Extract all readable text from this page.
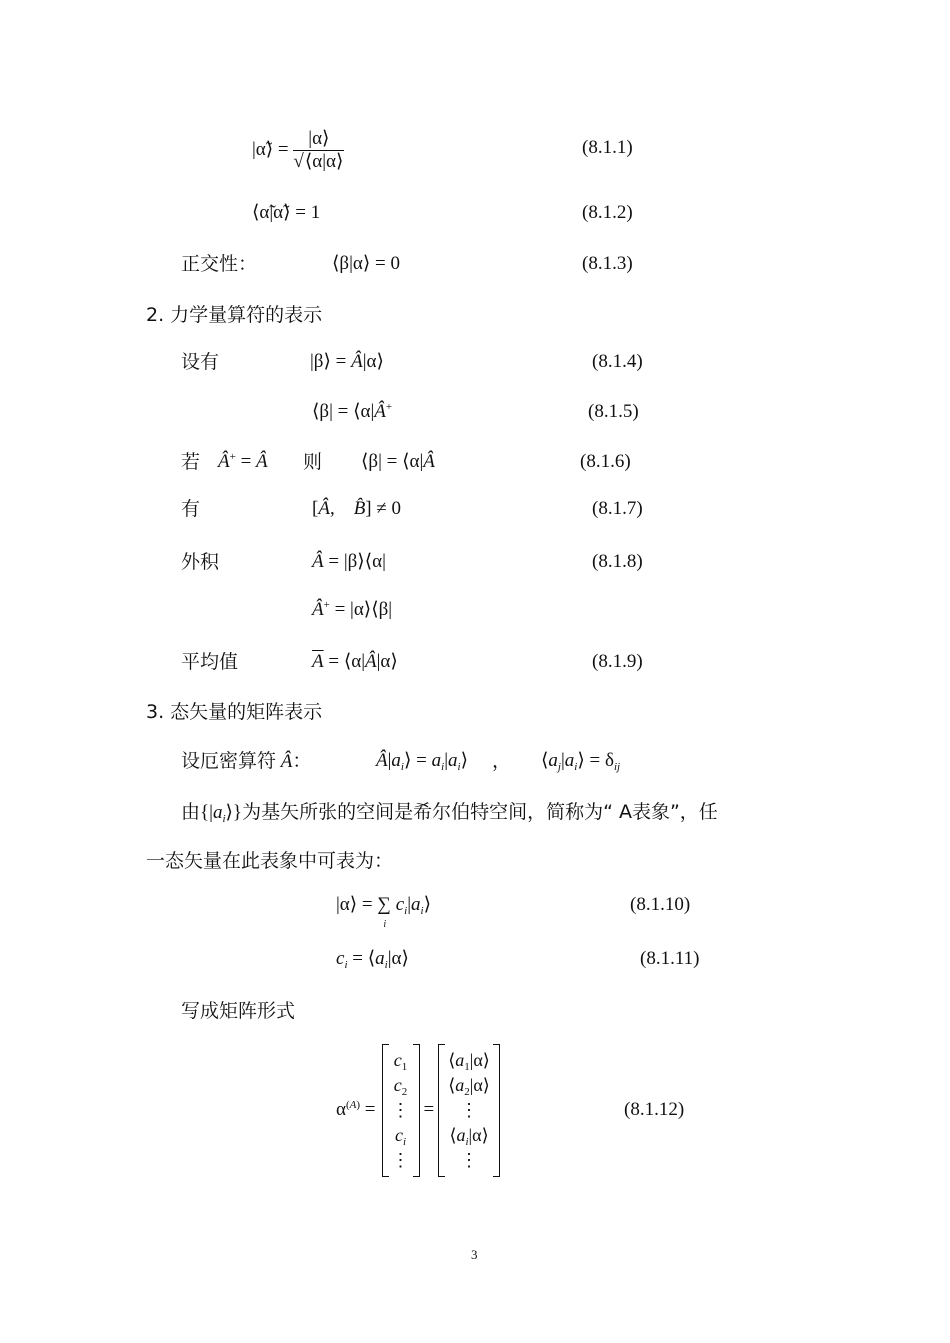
|α̃⟩ = $\frac{|\alpha⟩}{√⟨\alpha|\alpha⟩}$	(8.1.1)
⟨α̃|α̃⟩ = 1	(8.1.2)
正交性：	⟨β|α⟩ = 0	(8.1.3)
2. 力学量算符的表示
设有	|β⟩ = Â|α⟩	(8.1.4)
⟨β| = ⟨α|Â+	(8.1.5)
若 Â+ = Â 则 ⟨β| = ⟨α|Â	(8.1.6)
有	[Â,    B̂] ≠ 0	(8.1.7)
外积	Â = |β⟩⟨α|	(8.1.8)
Â+ = |α⟩⟨β|
平均值	$\overline{A}$ = ⟨α|Â|α⟩	(8.1.9)
3. 态矢量的矩阵表示
设厄密算符 Â：	$Â|a_i⟩$ = $a_i|a_i⟩$ ， $⟨a_j|a_i⟩ = \delta_{ij}$
由$\{|a_i⟩\}$为基矢所张的空间是希尔伯特空间，简称为“ A表象”，任
一态矢量在此表象中可表为：
|α⟩ = ∑
i
$c_i|a_i⟩$	(8.1.10)
$c_i$ = $⟨a_i|\alpha⟩$	(8.1.11)
写成矩阵形式
$\alpha^{(A)}$ =
$c_1$
$c_2$
⋮
$c_i$
⋮
=
$⟨a_1|\alpha⟩$
$⟨a_2|\alpha⟩$
⋮
$⟨a_i|\alpha⟩$
⋮
(8.1.12)
3
